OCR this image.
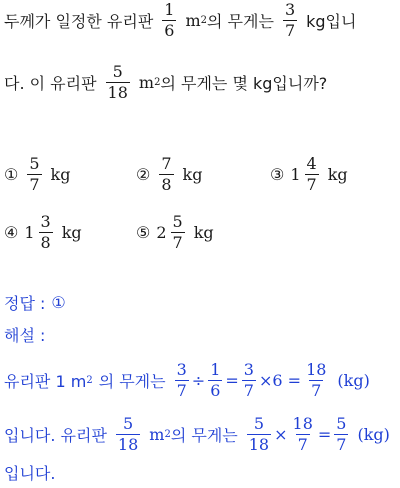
두께가 일정한 유리판 $\frac{1}{6}$ m 2 의 무게는 $\frac{3}{7}$ kg입니
다. 이 유리판 $\frac{5}{18}$ m 2 의 무게는 몇 kg입니까?
① $\frac{5}{7}$ kg	② $\frac{7}{8}$ kg	③ $1 \frac{4}{7}$ kg
④ $1 \frac{3}{8}$ kg	⑤ $2 \frac{5}{7}$ kg
정답 : ①
해설 :
유리판 1 m 2 의 무게는 $\frac{3}{7} \div \frac{1}{6} = \frac{3}{7} \times 6 = \frac{18}{7} (kg)$
입니다. 유리판 $\frac{5}{18}$ m 2 의 무게는 $\frac{5}{18} \times \frac{18}{7} = \frac{5}{7} (kg)$
입니다.
